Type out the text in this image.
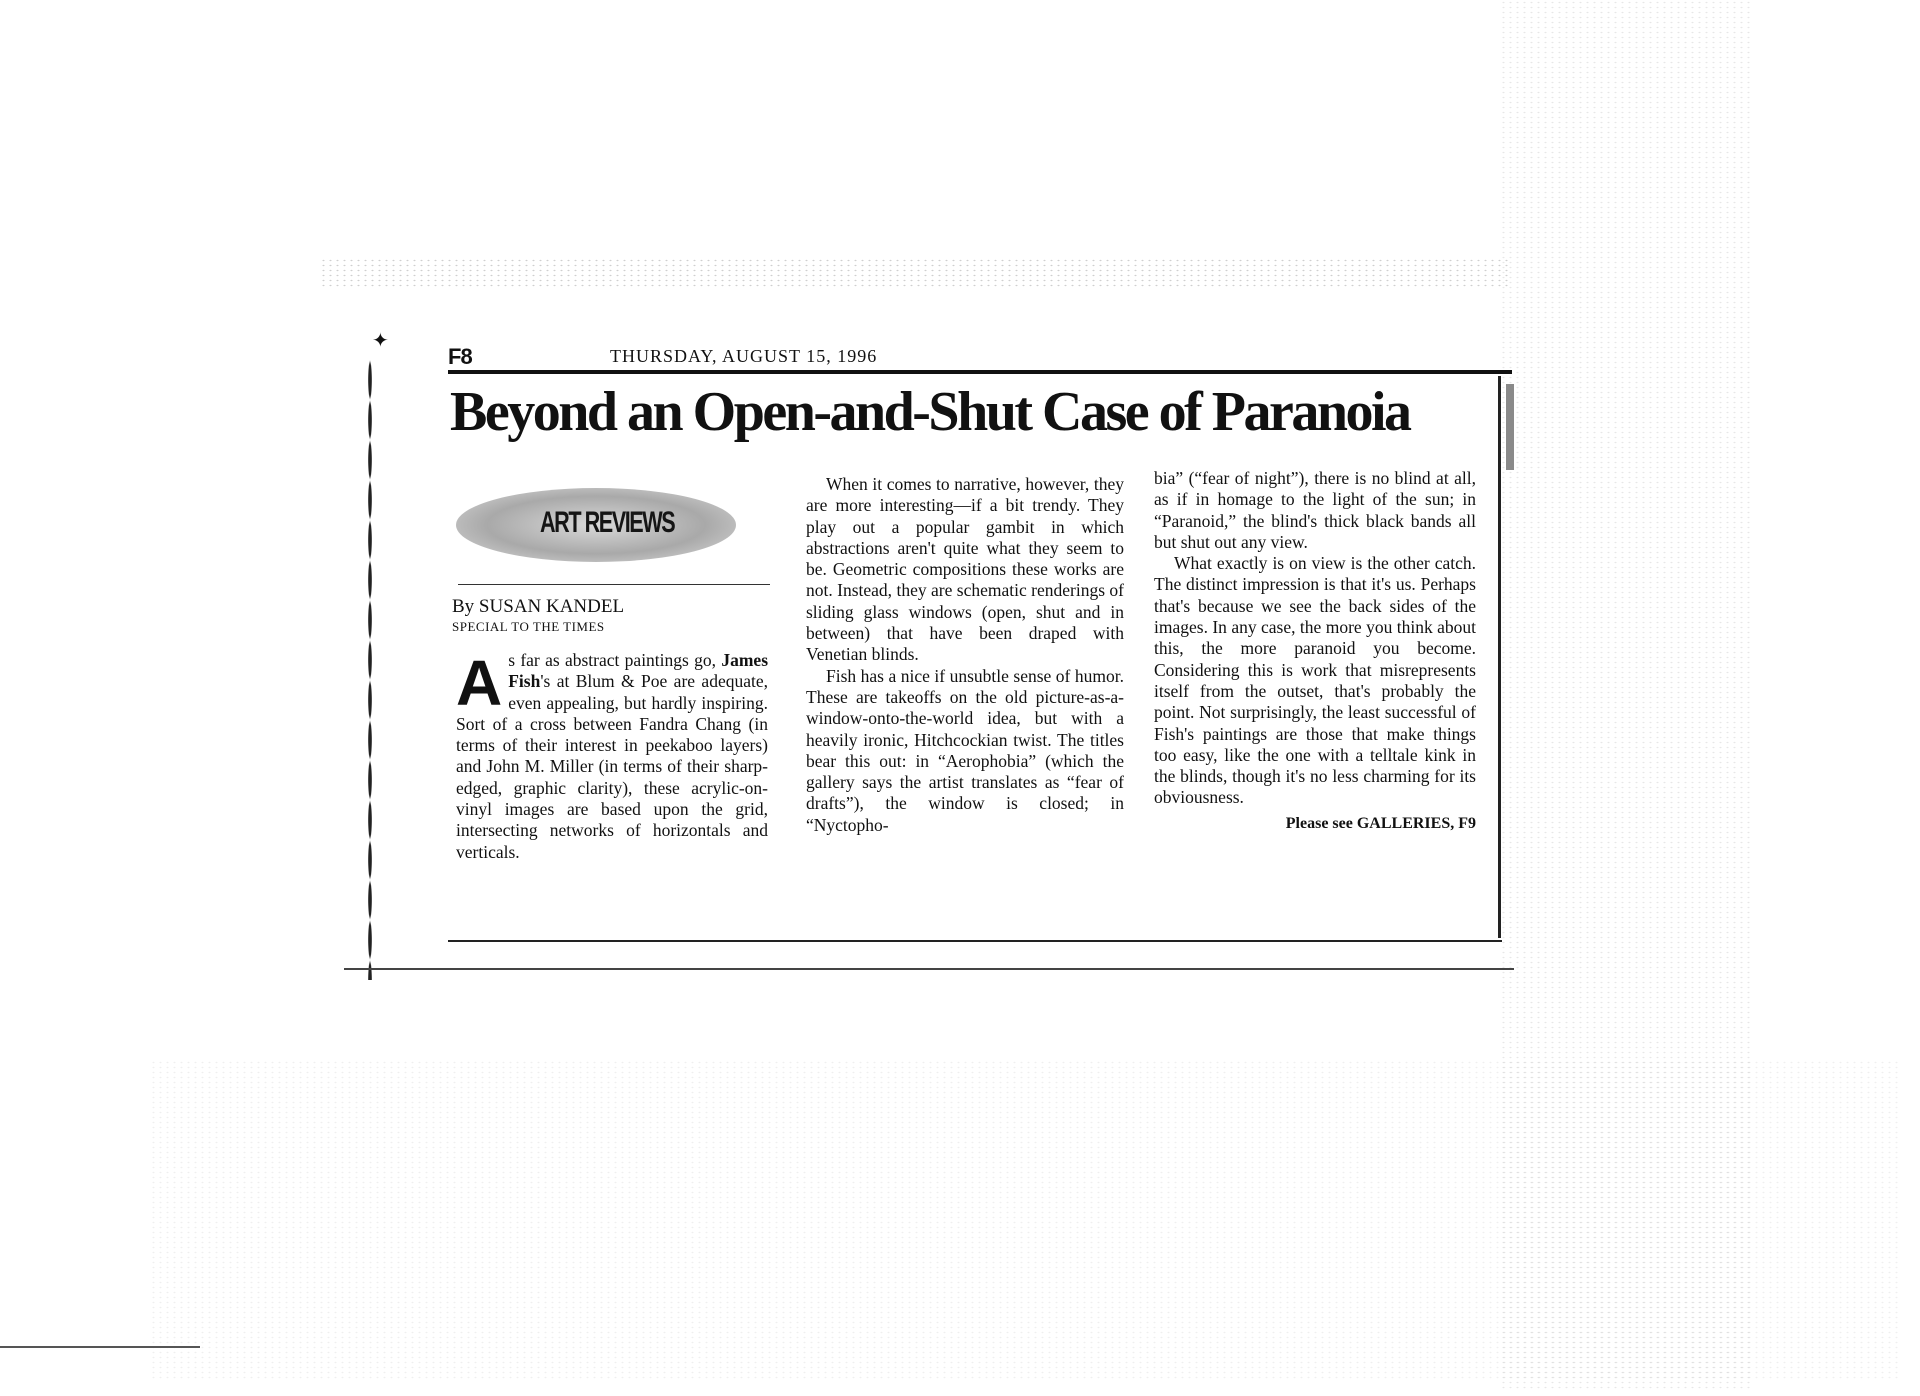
✦
F8	THURSDAY, AUGUST 15, 1996
Beyond an Open-and-Shut Case of Paranoia
ART REVIEWS
By SUSAN KANDEL
SPECIAL TO THE TIMES

As far as abstract paintings go, James Fish's at Blum & Poe are adequate, even appealing, but hardly inspiring. Sort of a cross between Fandra Chang (in terms of their interest in peekaboo layers) and John M. Miller (in terms of their sharp-edged, graphic clarity), these acrylic-on-vinyl images are based upon the grid, intersecting networks of horizontals and verticals.

When it comes to narrative, however, they are more interesting—if a bit trendy. They play out a popular gambit in which abstractions aren't quite what they seem to be. Geometric compositions these works are not. Instead, they are schematic renderings of sliding glass windows (open, shut and in between) that have been draped with Venetian blinds.

Fish has a nice if unsubtle sense of humor. These are takeoffs on the old picture-as-a-window-onto-the-world idea, but with a heavily ironic, Hitchcockian twist. The titles bear this out: in “Aerophobia” (which the gallery says the artist translates as “fear of drafts”), the window is closed; in “Nyctopho-

bia” (“fear of night”), there is no blind at all, as if in homage to the light of the sun; in “Paranoid,” the blind's thick black bands all but shut out any view.

What exactly is on view is the other catch. The distinct impression is that it's us. Perhaps that's because we see the back sides of the images. In any case, the more you think about this, the more paranoid you become. Considering this is work that misrepresents itself from the outset, that's probably the point. Not surprisingly, the least successful of Fish's paintings are those that make things too easy, like the one with a telltale kink in the blinds, though it's no less charming for its obviousness.

Please see GALLERIES, F9
